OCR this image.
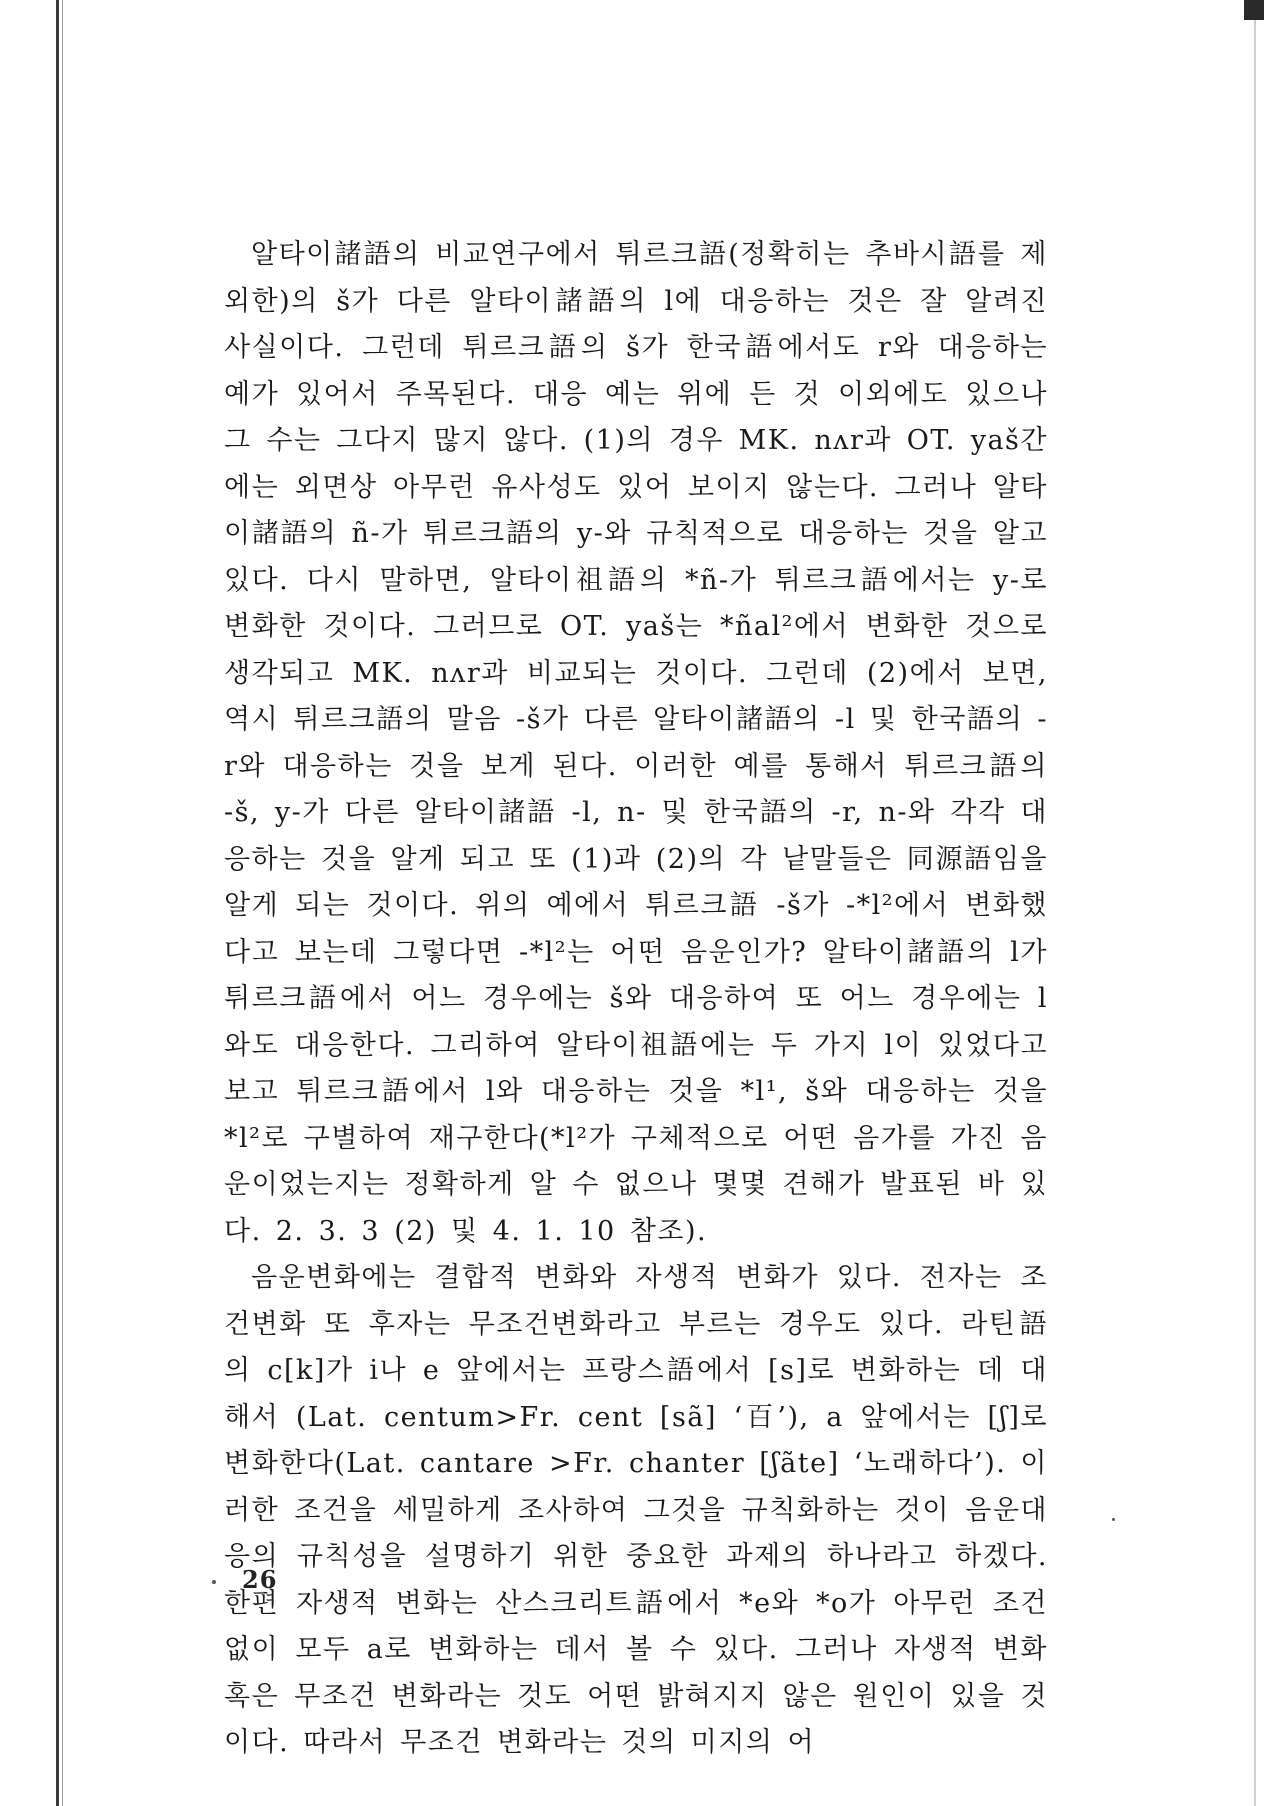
알타이諸語의 비교연구에서 튀르크語(정확히는 추바시語를 제외한)의 š가 다른 알타이諸語의 l에 대응하는 것은 잘 알려진 사실이다. 그런데 튀르크語의 š가 한국語에서도 r와 대응하는 예가 있어서 주목된다. 대응 예는 위에 든 것 이외에도 있으나 그 수는 그다지 많지 않다. (1)의 경우 MK. nʌr과 OT. yaš간에는 외면상 아무런 유사성도 있어 보이지 않는다. 그러나 알타이諸語의 ñ-가 튀르크語의 y-와 규칙적으로 대응하는 것을 알고 있다. 다시 말하면, 알타이祖語의 *ñ-가 튀르크語에서는 y-로 변화한 것이다. 그러므로 OT. yaš는 *ñal²에서 변화한 것으로 생각되고 MK. nʌr과 비교되는 것이다. 그런데 (2)에서 보면, 역시 튀르크語의 말음 -š가 다른 알타이諸語의 -l 및 한국語의 -r와 대응하는 것을 보게 된다. 이러한 예를 통해서 튀르크語의 -š, y-가 다른 알타이諸語 -l, n- 및 한국語의 -r, n-와 각각 대응하는 것을 알게 되고 또 (1)과 (2)의 각 낱말들은 同源語임을 알게 되는 것이다. 위의 예에서 튀르크語 -š가 -*l²에서 변화했다고 보는데 그렇다면 -*l²는 어떤 음운인가? 알타이諸語의 l가 튀르크語에서 어느 경우에는 š와 대응하여 또 어느 경우에는 l와도 대응한다. 그리하여 알타이祖語에는 두 가지 l이 있었다고 보고 튀르크語에서 l와 대응하는 것을 *l¹, š와 대응하는 것을 *l²로 구별하여 재구한다(*l²가 구체적으로 어떤 음가를 가진 음운이었는지는 정확하게 알 수 없으나 몇몇 견해가 발표된 바 있다. 2. 3. 3 (2) 및 4. 1. 10 참조).

음운변화에는 결합적 변화와 자생적 변화가 있다. 전자는 조건변화 또 후자는 무조건변화라고 부르는 경우도 있다. 라틴語의 c[k]가 i나 e 앞에서는 프랑스語에서 [s]로 변화하는 데 대해서 (Lat. centum>Fr. cent [sã] ‘百’), a 앞에서는 [ʃ]로 변화한다(Lat. cantare >Fr. chanter [ʃãte] ‘노래하다’). 이러한 조건을 세밀하게 조사하여 그것을 규칙화하는 것이 음운대응의 규칙성을 설명하기 위한 중요한 과제의 하나라고 하겠다. 한편 자생적 변화는 산스크리트語에서 *e와 *o가 아무런 조건 없이 모두 a로 변화하는 데서 볼 수 있다. 그러나 자생적 변화 혹은 무조건 변화라는 것도 어떤 밝혀지지 않은 원인이 있을 것이다. 따라서 무조건 변화라는 것의 미지의 어

26
